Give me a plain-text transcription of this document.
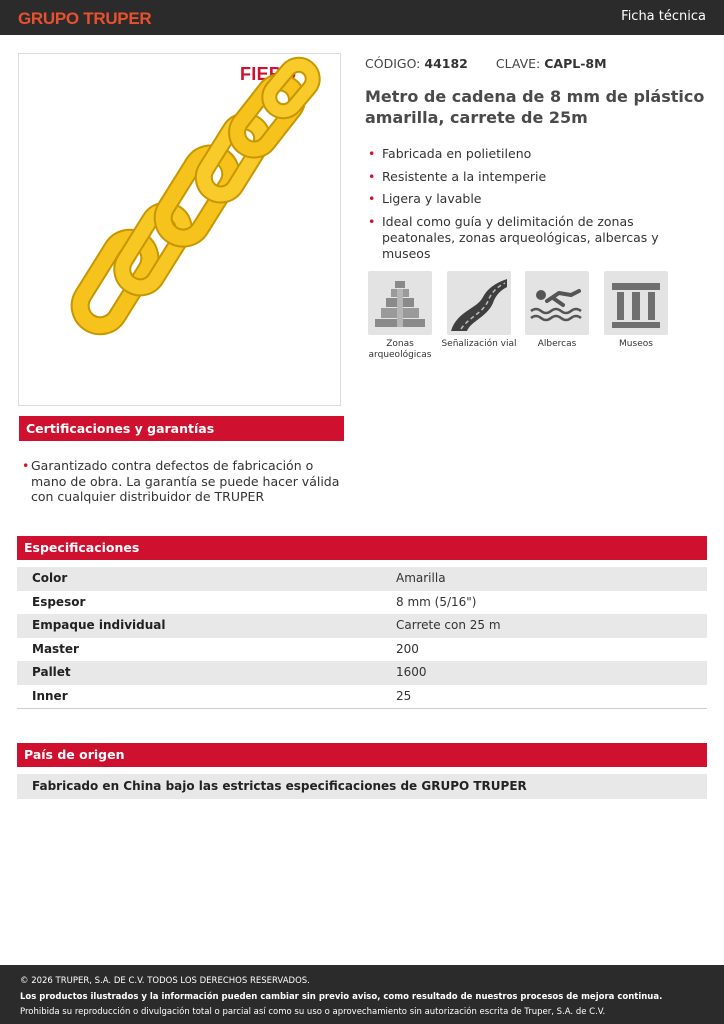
GRUPO TRUPER	Ficha técnica
FIERO
CÓDIGO: 44182 CLAVE: CAPL-8M
Metro de cadena de 8 mm de plástico amarilla, carrete de 25m
• Fabricada en polietileno
• Resistente a la intemperie
• Ligera y lavable
• Ideal como guía y delimitación de zonas peatonales, zonas arqueológicas, albercas y museos
Zonas arqueológicas
Señalización vial	Albercas	Museos
Certificaciones y garantías
• Garantizado contra defectos de fabricación o mano de obra. La garantía se puede hacer válida con cualquier distribuidor de TRUPER
Especificaciones
Color	Amarilla
Espesor	8 mm (5/16")
Empaque individual	Carrete con 25 m
Master	200
Pallet	1600
Inner	25
País de origen
Fabricado en China bajo las estrictas especificaciones de GRUPO TRUPER
© 2026 TRUPER, S.A. DE C.V. TODOS LOS DERECHOS RESERVADOS.
Los productos ilustrados y la información pueden cambiar sin previo aviso, como resultado de nuestros procesos de mejora continua.
Prohibida su reproducción o divulgación total o parcial así como su uso o aprovechamiento sin autorización escrita de Truper, S.A. de C.V.
